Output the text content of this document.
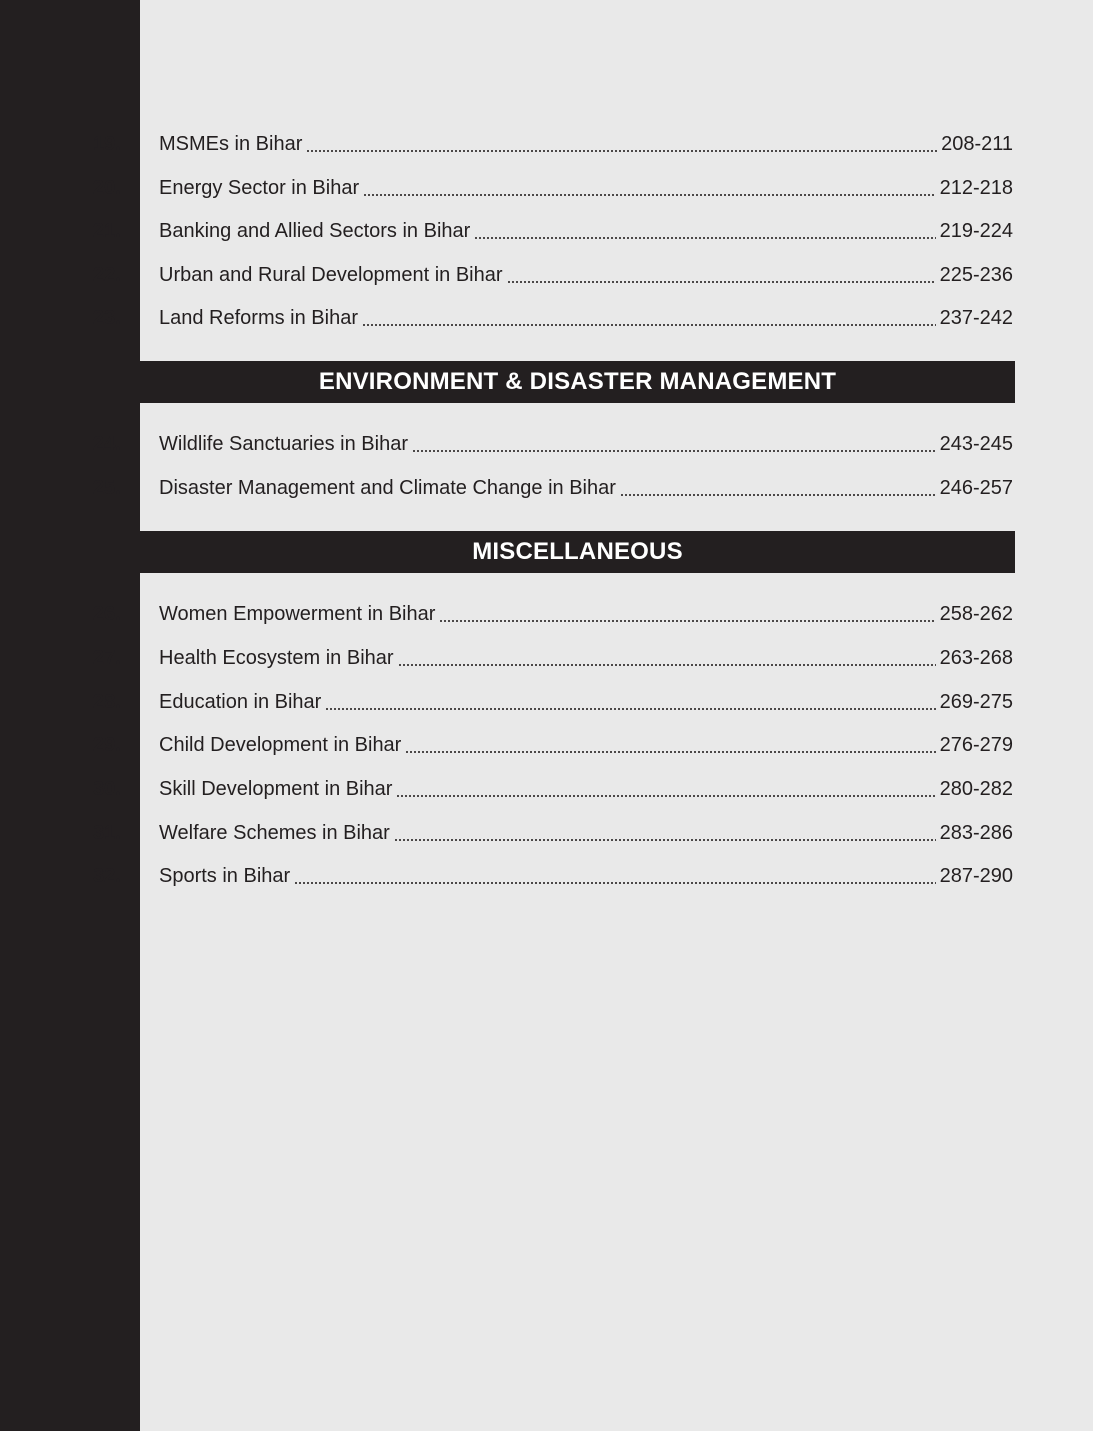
19. MSMEs in Bihar	208-211
20. Energy Sector in Bihar	212-218
21. Banking and Allied Sectors in Bihar	219-224
22. Urban and Rural Development in Bihar	225-236
23. Land Reforms in Bihar	237-242
ENVIRONMENT & DISASTER MANAGEMENT
24. Wildlife Sanctuaries in Bihar	243-245
25. Disaster Management and Climate Change in Bihar	246-257
MISCELLANEOUS
26. Women Empowerment in Bihar	258-262
27. Health Ecosystem in Bihar	263-268
28. Education in Bihar	269-275
29. Child Development in Bihar	276-279
30. Skill Development in Bihar	280-282
31. Welfare Schemes in Bihar	283-286
32. Sports in Bihar	287-290
